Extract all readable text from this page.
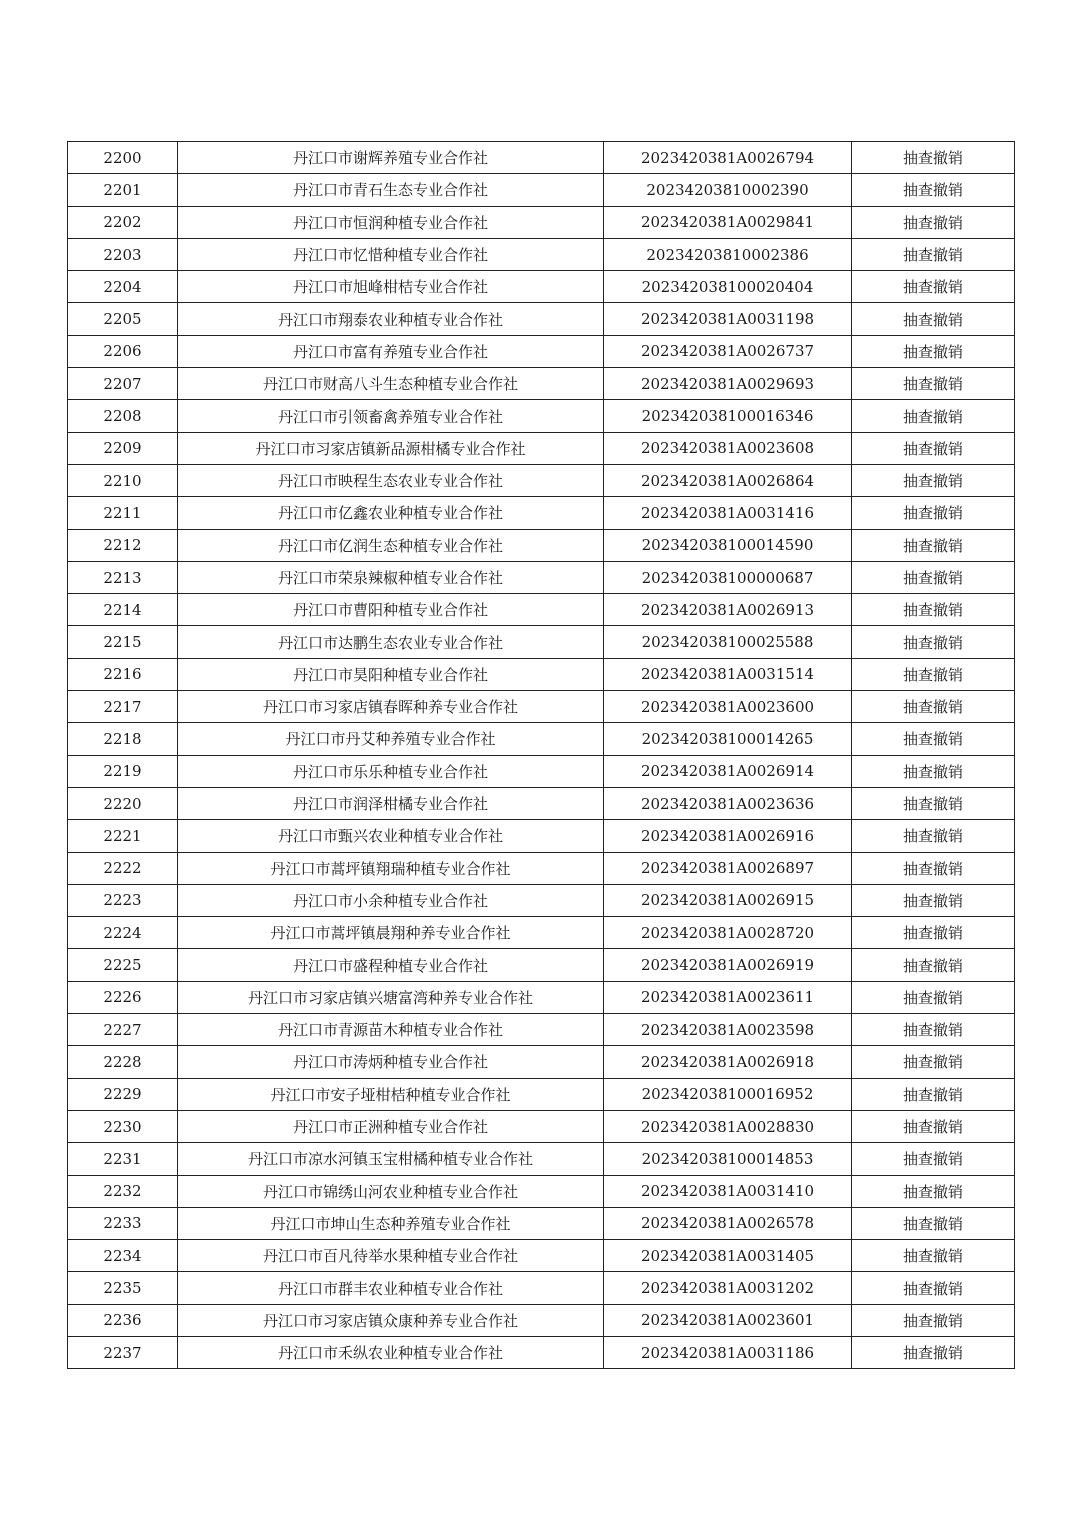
2200	丹江口市谢辉养殖专业合作社	2023420381A0026794	抽查撤销
2201	丹江口市青石生态专业合作社	20234203810002390	抽查撤销
2202	丹江口市恒润种植专业合作社	2023420381A0029841	抽查撤销
2203	丹江口市忆惜种植专业合作社	20234203810002386	抽查撤销
2204	丹江口市旭峰柑桔专业合作社	202342038100020404	抽查撤销
2205	丹江口市翔泰农业种植专业合作社	2023420381A0031198	抽查撤销
2206	丹江口市富有养殖专业合作社	2023420381A0026737	抽查撤销
2207	丹江口市财高八斗生态种植专业合作社	2023420381A0029693	抽查撤销
2208	丹江口市引领畜禽养殖专业合作社	202342038100016346	抽查撤销
2209	丹江口市习家店镇新品源柑橘专业合作社	2023420381A0023608	抽查撤销
2210	丹江口市映程生态农业专业合作社	2023420381A0026864	抽查撤销
2211	丹江口市亿鑫农业种植专业合作社	2023420381A0031416	抽查撤销
2212	丹江口市亿润生态种植专业合作社	202342038100014590	抽查撤销
2213	丹江口市荣泉辣椒种植专业合作社	202342038100000687	抽查撤销
2214	丹江口市曹阳种植专业合作社	2023420381A0026913	抽查撤销
2215	丹江口市达鹏生态农业专业合作社	202342038100025588	抽查撤销
2216	丹江口市昊阳种植专业合作社	2023420381A0031514	抽查撤销
2217	丹江口市习家店镇春晖种养专业合作社	2023420381A0023600	抽查撤销
2218	丹江口市丹艾种养殖专业合作社	202342038100014265	抽查撤销
2219	丹江口市乐乐种植专业合作社	2023420381A0026914	抽查撤销
2220	丹江口市润泽柑橘专业合作社	2023420381A0023636	抽查撤销
2221	丹江口市甄兴农业种植专业合作社	2023420381A0026916	抽查撤销
2222	丹江口市蒿坪镇翔瑞种植专业合作社	2023420381A0026897	抽查撤销
2223	丹江口市小余种植专业合作社	2023420381A0026915	抽查撤销
2224	丹江口市蒿坪镇晨翔种养专业合作社	2023420381A0028720	抽查撤销
2225	丹江口市盛程种植专业合作社	2023420381A0026919	抽查撤销
2226	丹江口市习家店镇兴塘富湾种养专业合作社	2023420381A0023611	抽查撤销
2227	丹江口市青源苗木种植专业合作社	2023420381A0023598	抽查撤销
2228	丹江口市涛炳种植专业合作社	2023420381A0026918	抽查撤销
2229	丹江口市安子垭柑桔种植专业合作社	202342038100016952	抽查撤销
2230	丹江口市正洲种植专业合作社	2023420381A0028830	抽查撤销
2231	丹江口市凉水河镇玉宝柑橘种植专业合作社	202342038100014853	抽查撤销
2232	丹江口市锦绣山河农业种植专业合作社	2023420381A0031410	抽查撤销
2233	丹江口市坤山生态种养殖专业合作社	2023420381A0026578	抽查撤销
2234	丹江口市百凡待举水果种植专业合作社	2023420381A0031405	抽查撤销
2235	丹江口市群丰农业种植专业合作社	2023420381A0031202	抽查撤销
2236	丹江口市习家店镇众康种养专业合作社	2023420381A0023601	抽查撤销
2237	丹江口市禾纵农业种植专业合作社	2023420381A0031186	抽查撤销
